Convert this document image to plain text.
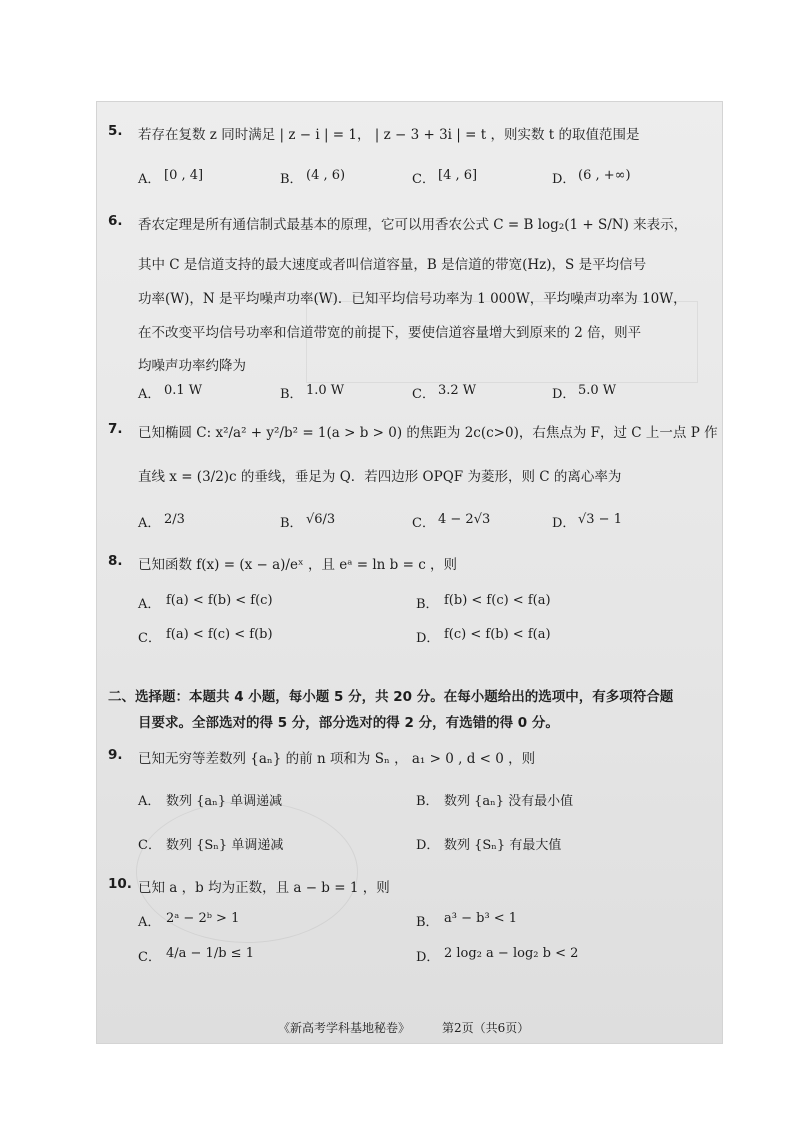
5. 若存在复数 z 同时满足 | z − i | = 1， | z − 3 + 3i | = t ，则实数 t 的取值范围是
A． [0 , 4]	B． (4 , 6)	C． [4 , 6]	D． (6 , +∞)
6. 香农定理是所有通信制式最基本的原理，它可以用香农公式 C = B log₂(1 + S/N) 来表示，
其中 C 是信道支持的最大速度或者叫信道容量，B 是信道的带宽(Hz)，S 是平均信号
功率(W)，N 是平均噪声功率(W)．已知平均信号功率为 1 000W，平均噪声功率为 10W，
在不改变平均信号功率和信道带宽的前提下，要使信道容量增大到原来的 2 倍，则平
均噪声功率约降为
A． 0.1 W	B． 1.0 W	C． 3.2 W	D． 5.0 W
7. 已知椭圆 C: x²/a² + y²/b² = 1(a > b > 0) 的焦距为 2c(c>0)，右焦点为 F，过 C 上一点 P 作
直线 x = (3/2)c 的垂线，垂足为 Q．若四边形 OPQF 为菱形，则 C 的离心率为
A． 2/3	B． √6/3	C． 4 − 2√3	D． √3 − 1
8. 已知函数 f(x) = (x − a)/eˣ ，且 eᵃ = ln b = c ，则
A． f(a) < f(b) < f(c)	B． f(b) < f(c) < f(a)
C． f(a) < f(c) < f(b)	D． f(c) < f(b) < f(a)
二、选择题：本题共 4 小题，每小题 5 分，共 20 分。在每小题给出的选项中，有多项符合题
目要求。全部选对的得 5 分，部分选对的得 2 分，有选错的得 0 分。
9. 已知无穷等差数列 {aₙ} 的前 n 项和为 Sₙ ， a₁ > 0 , d < 0 ，则
A． 数列 {aₙ} 单调递减	B． 数列 {aₙ} 没有最小值
C． 数列 {Sₙ} 单调递减	D． 数列 {Sₙ} 有最大值
10. 已知 a ，b 均为正数，且 a − b = 1 ，则
A． 2ᵃ − 2ᵇ > 1	B． a³ − b³ < 1
C． 4/a − 1/b ≤ 1	D． 2 log₂ a − log₂ b < 2
《新高考学科基地秘卷》	第2页（共6页）
